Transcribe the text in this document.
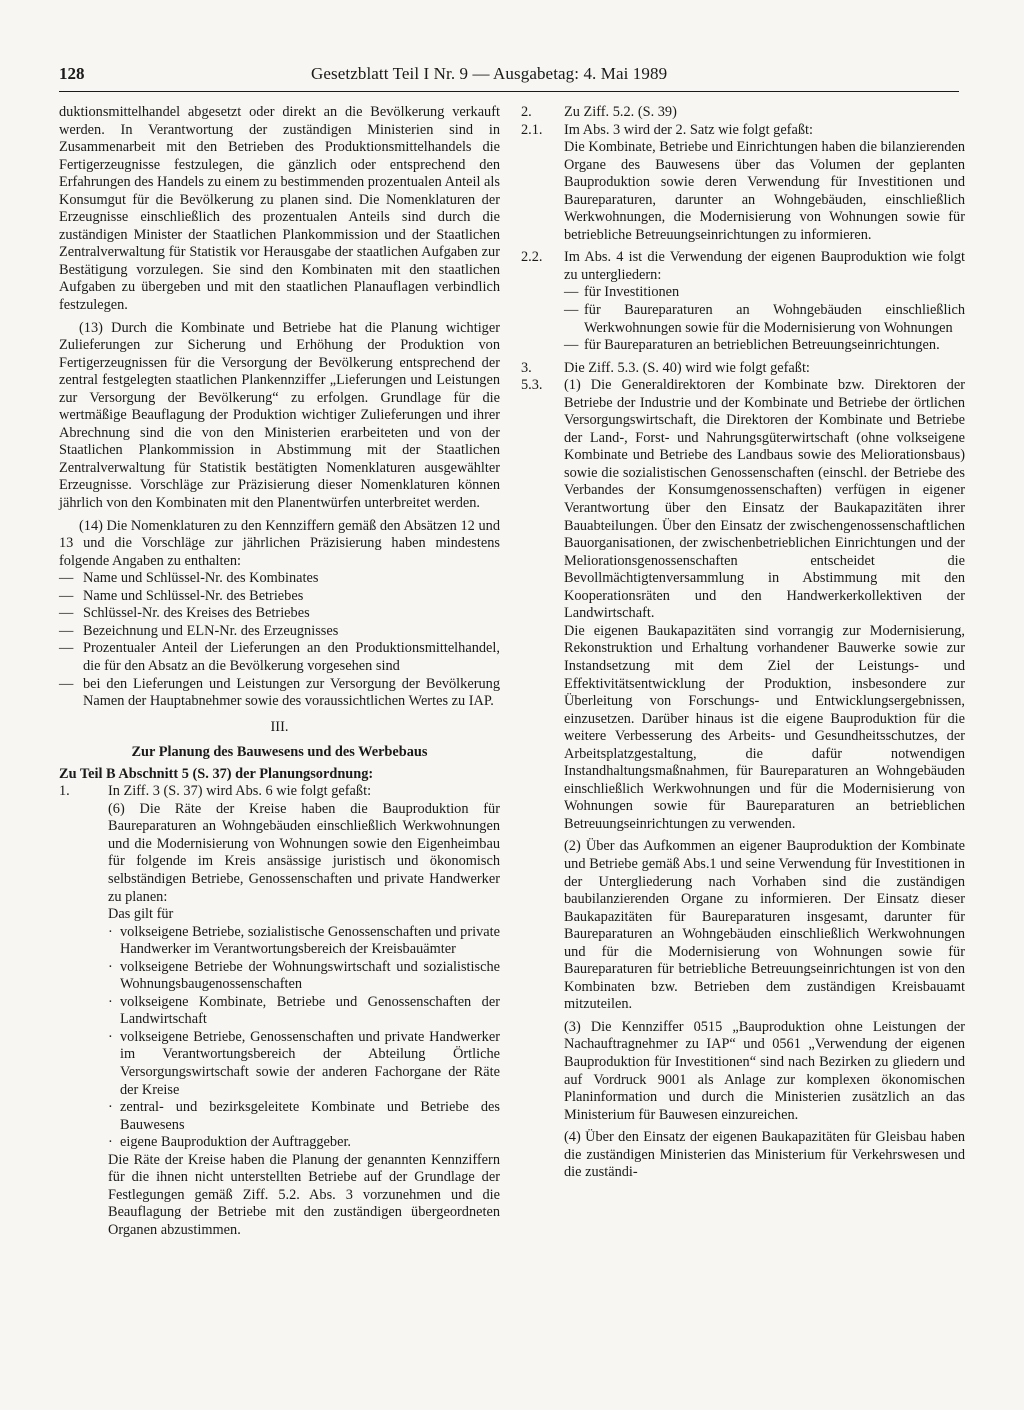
128	Gesetzblatt Teil I Nr. 9 — Ausgabetag: 4. Mai 1989

duktionsmittelhandel abgesetzt oder direkt an die Bevölkerung verkauft werden. In Verantwortung der zuständigen Ministerien sind in Zusammenarbeit mit den Betrieben des Produktionsmittelhandels die Fertigerzeugnisse festzulegen, die gänzlich oder entsprechend den Erfahrungen des Handels zu einem zu bestimmenden prozentualen Anteil als Konsumgut für die Bevölkerung zu planen sind. Die Nomenklaturen der Erzeugnisse einschließlich des prozentualen Anteils sind durch die zuständigen Minister der Staatlichen Plankommission und der Staatlichen Zentralverwaltung für Statistik vor Herausgabe der staatlichen Aufgaben zur Bestätigung vorzulegen. Sie sind den Kombinaten mit den staatlichen Aufgaben zu übergeben und mit den staatlichen Planauflagen verbindlich festzulegen.

(13) Durch die Kombinate und Betriebe hat die Planung wichtiger Zulieferungen zur Sicherung und Erhöhung der Produktion von Fertigerzeugnissen für die Versorgung der Bevölkerung entsprechend der zentral festgelegten staatlichen Plankennziffer „Lieferungen und Leistungen zur Versorgung der Bevölkerung“ zu erfolgen. Grundlage für die wertmäßige Beauflagung der Produktion wichtiger Zulieferungen und ihrer Abrechnung sind die von den Ministerien erarbeiteten und von der Staatlichen Plankommission in Abstimmung mit der Staatlichen Zentralverwaltung für Statistik bestätigten Nomenklaturen ausgewählter Erzeugnisse. Vorschläge zur Präzisierung dieser Nomenklaturen können jährlich von den Kombinaten mit den Planentwürfen unterbreitet werden.

(14) Die Nomenklaturen zu den Kennziffern gemäß den Absätzen 12 und 13 und die Vorschläge zur jährlichen Präzisierung haben mindestens folgende Angaben zu enthalten:

— Name und Schlüssel-Nr. des Kombinates
— Name und Schlüssel-Nr. des Betriebes
— Schlüssel-Nr. des Kreises des Betriebes
— Bezeichnung und ELN-Nr. des Erzeugnisses
— Prozentualer Anteil der Lieferungen an den Produktionsmittelhandel, die für den Absatz an die Bevölkerung vorgesehen sind
— bei den Lieferungen und Leistungen zur Versorgung der Bevölkerung Namen der Hauptabnehmer sowie des voraussichtlichen Wertes zu IAP.

III.

Zur Planung des Bauwesens und des Werbebaus

Zu Teil B Abschnitt 5 (S. 37) der Planungsordnung:

1.	In Ziff. 3 (S. 37) wird Abs. 6 wie folgt gefaßt:

(6) Die Räte der Kreise haben die Bauproduktion für Baureparaturen an Wohngebäuden einschließlich Werkwohnungen und die Modernisierung von Wohnungen sowie den Eigenheimbau für folgende im Kreis ansässige juristisch und ökonomisch selbständigen Betriebe, Genossenschaften und private Handwerker zu planen:

Das gilt für

· volkseigene Betriebe, sozialistische Genossenschaften und private Handwerker im Verantwortungsbereich der Kreisbauämter
· volkseigene Betriebe der Wohnungswirtschaft und sozialistische Wohnungsbaugenossenschaften
· volkseigene Kombinate, Betriebe und Genossenschaften der Landwirtschaft
· volkseigene Betriebe, Genossenschaften und private Handwerker im Verantwortungsbereich der Abteilung Örtliche Versorgungswirtschaft sowie der anderen Fachorgane der Räte der Kreise
· zentral- und bezirksgeleitete Kombinate und Betriebe des Bauwesens
· eigene Bauproduktion der Auftraggeber.

Die Räte der Kreise haben die Planung der genannten Kennziffern für die ihnen nicht unterstellten Betriebe auf der Grundlage der Festlegungen gemäß Ziff. 5.2. Abs. 3 vorzunehmen und die Beauflagung der Betriebe mit den zuständigen übergeordneten Organen abzustimmen.

2. Zu Ziff. 5.2. (S. 39)

2.1. Im Abs. 3 wird der 2. Satz wie folgt gefaßt:

Die Kombinate, Betriebe und Einrichtungen haben die bilanzierenden Organe des Bauwesens über das Volumen der geplanten Bauproduktion sowie deren Verwendung für Investitionen und Baureparaturen, darunter an Wohngebäuden, einschließlich Werkwohnungen, die Modernisierung von Wohnungen sowie für betriebliche Betreuungseinrichtungen zu informieren.

2.2. Im Abs. 4 ist die Verwendung der eigenen Bauproduktion wie folgt zu untergliedern:

— für Investitionen
— für Baureparaturen an Wohngebäuden einschließlich Werkwohnungen sowie für die Modernisierung von Wohnungen
— für Baureparaturen an betrieblichen Betreuungseinrichtungen.
3. Die Ziff. 5.3. (S. 40) wird wie folgt gefaßt:

5.3. (1) Die Generaldirektoren der Kombinate bzw. Direktoren der Betriebe der Industrie und der Kombinate und Betriebe der örtlichen Versorgungswirtschaft, die Direktoren der Kombinate und Betriebe der Land-, Forst- und Nahrungsgüterwirtschaft (ohne volkseigene Kombinate und Betriebe des Landbaus sowie des Meliorationsbaus) sowie die sozialistischen Genossenschaften (einschl. der Betriebe des Verbandes der Konsumgenossenschaften) verfügen in eigener Verantwortung über den Einsatz der Baukapazitäten ihrer Bauabteilungen. Über den Einsatz der zwischengenossenschaftlichen Bauorganisationen, der zwischenbetrieblichen Einrichtungen und der Meliorationsgenossenschaften entscheidet die Bevollmächtigtenversammlung in Abstimmung mit den Kooperationsräten und den Handwerkerkollektiven der Landwirtschaft.

Die eigenen Baukapazitäten sind vorrangig zur Modernisierung, Rekonstruktion und Erhaltung vorhandener Bauwerke sowie zur Instandsetzung mit dem Ziel der Leistungs- und Effektivitätsentwicklung der Produktion, insbesondere zur Überleitung von Forschungs- und Entwicklungsergebnissen, einzusetzen. Darüber hinaus ist die eigene Bauproduktion für die weitere Verbesserung des Arbeits- und Gesundheitsschutzes, der Arbeitsplatzgestaltung, die dafür notwendigen Instandhaltungsmaßnahmen, für Baureparaturen an Wohngebäuden einschließlich Werkwohnungen und für die Modernisierung von Wohnungen sowie für Baureparaturen an betrieblichen Betreuungseinrichtungen zu verwenden.

(2) Über das Aufkommen an eigener Bauproduktion der Kombinate und Betriebe gemäß Abs.1 und seine Verwendung für Investitionen in der Untergliederung nach Vorhaben sind die zuständigen baubilanzierenden Organe zu informieren. Der Einsatz dieser Baukapazitäten für Baureparaturen insgesamt, darunter für Baureparaturen an Wohngebäuden einschließlich Werkwohnungen und für die Modernisierung von Wohnungen sowie für Baureparaturen für betriebliche Betreuungseinrichtungen ist von den Kombinaten bzw. Betrieben dem zuständigen Kreisbauamt mitzuteilen.

(3) Die Kennziffer 0515 „Bauproduktion ohne Leistungen der Nachauftragnehmer zu IAP“ und 0561 „Verwendung der eigenen Bauproduktion für Investitionen“ sind nach Bezirken zu gliedern und auf Vordruck 9001 als Anlage zur komplexen ökonomischen Planinformation und durch die Ministerien zusätzlich an das Ministerium für Bauwesen einzureichen.

(4) Über den Einsatz der eigenen Baukapazitäten für Gleisbau haben die zuständigen Ministerien das Ministerium für Verkehrswesen und die zuständi-
